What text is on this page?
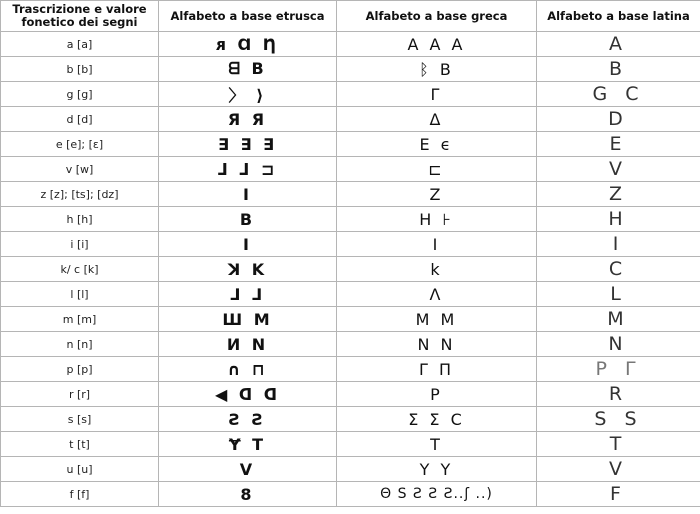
Trascrizione e valore fonetico dei segni	Alfabeto a base etrusca	Alfabeto a base greca	Alfabeto a base latina
a [a]	ᴙ Ɑ Ƞ	Α Α Α	A
b [b]	ᗺ B	ᛒ B	B
g [g]	〉 ⟩	Γ	G C
d [d]	Я Я	Δ	D
e [e]; [ɛ]	∃ ∃ ∃	E ϵ	E
v [w]	ᒧ ᒧ ⊐	⊏	V
z [z]; [ts]; [dz]	I	Z	Z
h [h]	B	H ⊦	H
i [i]	I	I	I
k/ c [k]	ꓘ K	k	C
l [l]	⅃ ⅃	Λ	L
m [m]	Ш M	M M	M
n [n]	И N	N N	N
p [p]	∩ ⊓	Γ Π	P Γ
r [r]	◀ ᗡ ᗡ	P	R
s [s]	Ƨ Ƨ	Σ Σ C	S S
t [t]	Ɏ T	T	T
u [u]	V	Y Y	V
f [f]	8	Θ S Ƨ Ƨ Ƨ..ʃ ..)	F
